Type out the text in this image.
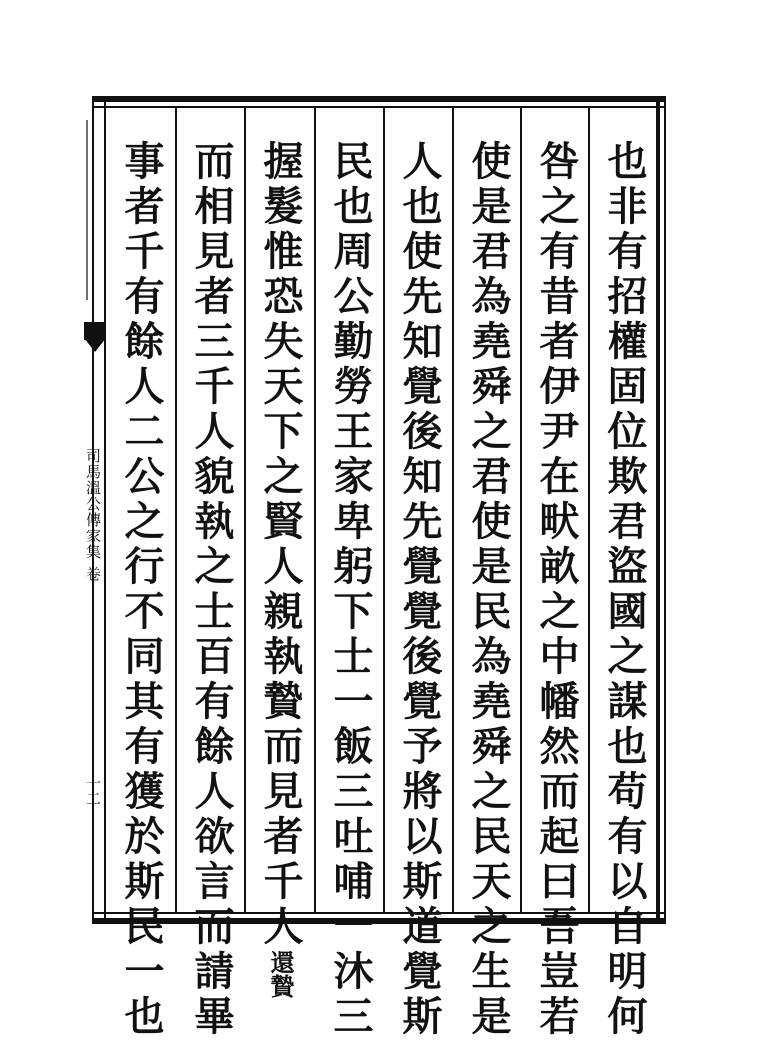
司馬溫公傳家集 卷
十二	也非有招權固位欺君盜國之謀也苟有以自明何
咎之有昔者伊尹在畎畝之中幡然而起曰吾豈若
使是君為堯舜之君使是民為堯舜之民天之生是
人也使先知覺後知先覺覺後覺予將以斯道覺斯
民也周公勤勞王家卑躬下士一飯三吐哺一沐三
握髮惟恐失天下之賢人親執贄而見者千人還贄
而相見者三千人貌執之士百有餘人欲言而請畢
事者千有餘人二公之行不同其有獲於斯民一也
